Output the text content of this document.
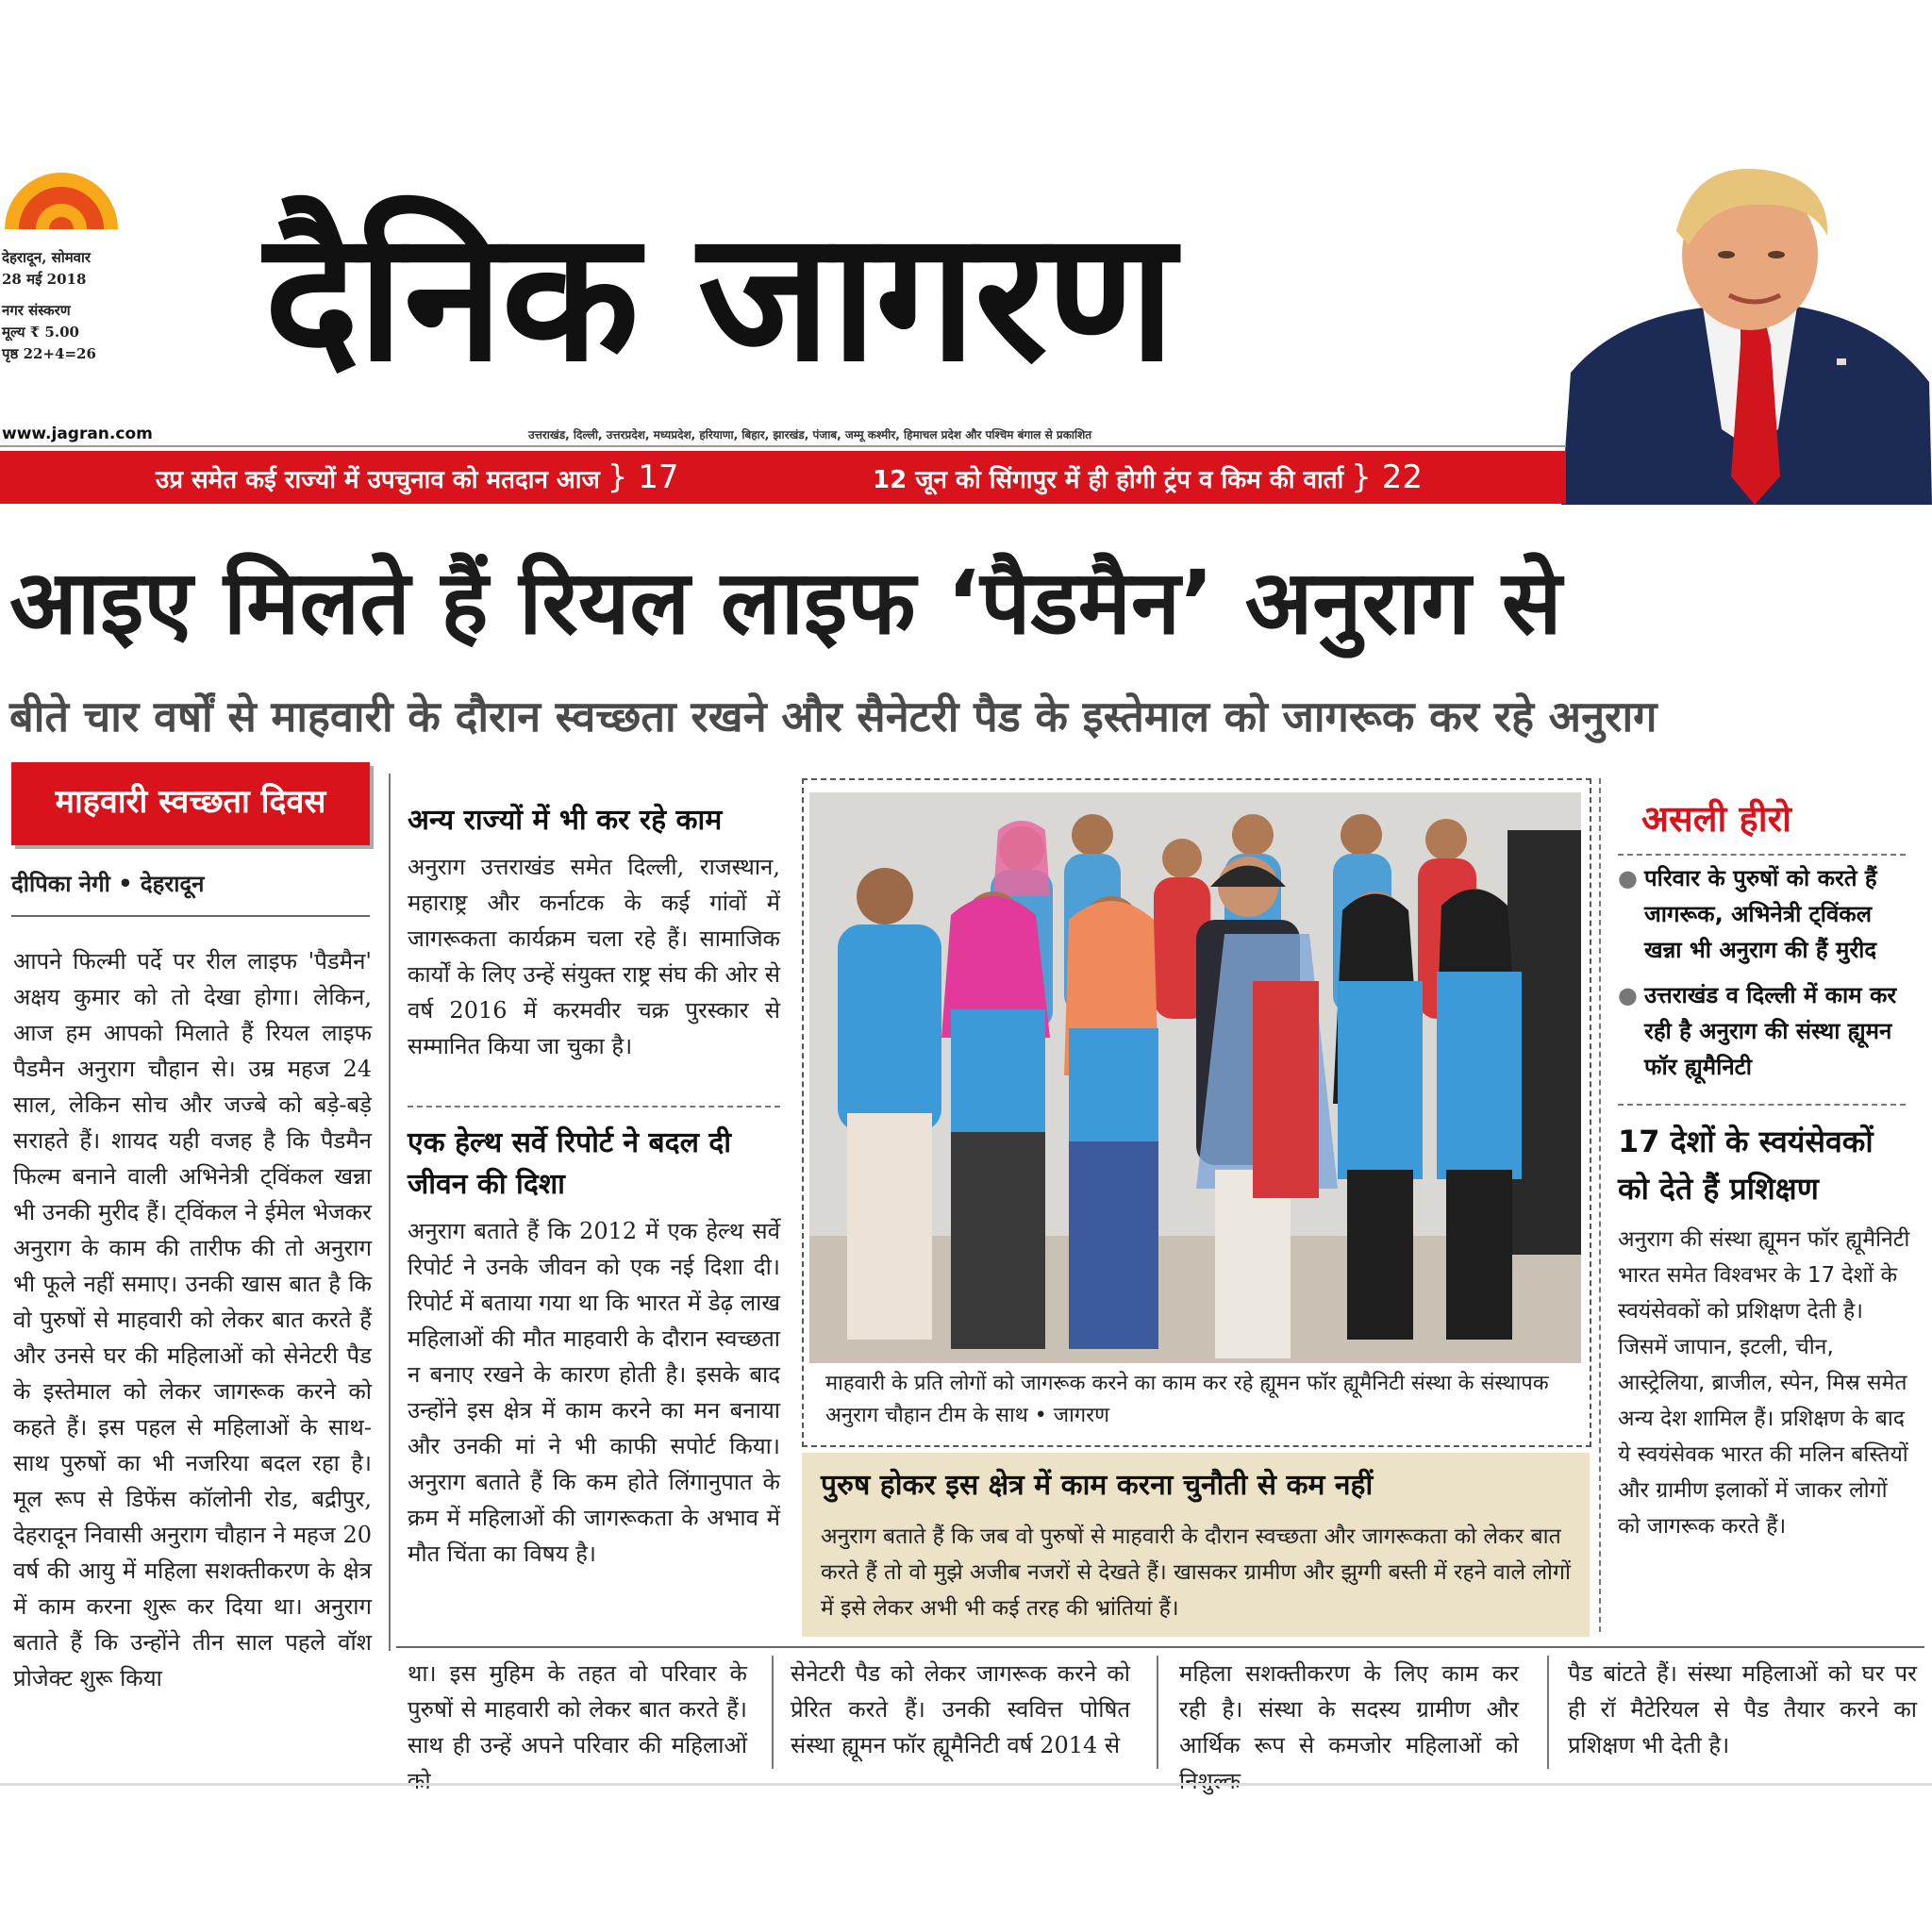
देहरादून, सोमवार
28 मई 2018
नगर संस्करण
मूल्य ₹ 5.00
पृष्ठ 22+4=26 दैनिक जागरण
www.jagran.com	उत्तराखंड, दिल्ली, उत्तरप्रदेश, मध्यप्रदेश, हरियाणा, बिहार, झारखंड, पंजाब, जम्मू कश्मीर, हिमाचल प्रदेश और पश्चिम बंगाल से प्रकाशित
उप्र समेत कई राज्यों में उपचुनाव को मतदान आज } 17	12 जून को सिंगापुर में ही होगी ट्रंप व किम की वार्ता } 22
आइए मिलते हैं रियल लाइफ ‘पैडमैन’ अनुराग से
बीते चार वर्षों से माहवारी के दौरान स्वच्छता रखने और सैनेटरी पैड के इस्तेमाल को जागरूक कर रहे अनुराग
माहवारी स्वच्छता दिवस
दीपिका नेगी • देहरादून
आपने फिल्मी पर्दे पर रील लाइफ 'पैडमैन' अक्षय कुमार को तो देखा होगा। लेकिन, आज हम आपको मिलाते हैं रियल लाइफ पैडमैन अनुराग चौहान से। उम्र महज 24 साल, लेकिन सोच और जज्बे को बड़े-बड़े सराहते हैं। शायद यही वजह है कि पैडमैन फिल्म बनाने वाली अभिनेत्री ट्विंकल खन्ना भी उनकी मुरीद हैं। ट्विंकल ने ईमेल भेजकर अनुराग के काम की तारीफ की तो अनुराग भी फूले नहीं समाए। उनकी खास बात है कि वो पुरुषों से माहवारी को लेकर बात करते हैं और उनसे घर की महिलाओं को सेनेटरी पैड के इस्तेमाल को लेकर जागरूक करने को कहते हैं। इस पहल से महिलाओं के साथ-साथ पुरुषों का भी नजरिया बदल रहा है। मूल रूप से डिफेंस कॉलोनी रोड, बद्रीपुर, देहरादून निवासी अनुराग चौहान ने महज 20 वर्ष की आयु में महिला सशक्तीकरण के क्षेत्र में काम करना शुरू कर दिया था। अनुराग बताते हैं कि उन्होंने तीन साल पहले वॉश प्रोजेक्ट शुरू किया
अन्य राज्यों में भी कर रहे काम
अनुराग उत्तराखंड समेत दिल्ली, राजस्थान, महाराष्ट्र और कर्नाटक के कई गांवों में जागरूकता कार्यक्रम चला रहे हैं। सामाजिक कार्यों के लिए उन्हें संयुक्त राष्ट्र संघ की ओर से वर्ष 2016 में करमवीर चक्र पुरस्कार से सम्मानित किया जा चुका है।
एक हेल्थ सर्वे रिपोर्ट ने बदल दी जीवन की दिशा
अनुराग बताते हैं कि 2012 में एक हेल्थ सर्वे रिपोर्ट ने उनके जीवन को एक नई दिशा दी। रिपोर्ट में बताया गया था कि भारत में डेढ़ लाख महिलाओं की मौत माहवारी के दौरान स्वच्छता न बनाए रखने के कारण होती है। इसके बाद उन्होंने इस क्षेत्र में काम करने का मन बनाया और उनकी मां ने भी काफी सपोर्ट किया। अनुराग बताते हैं कि कम होते लिंगानुपात के क्रम में महिलाओं की जागरूकता के अभाव में मौत चिंता का विषय है।
माहवारी के प्रति लोगों को जागरूक करने का काम कर रहे ह्यूमन फॉर ह्यूमैनिटी संस्था के संस्थापक अनुराग चौहान टीम के साथ • जागरण
पुरुष होकर इस क्षेत्र में काम करना चुनौती से कम नहीं
अनुराग बताते हैं कि जब वो पुरुषों से माहवारी के दौरान स्वच्छता और जागरूकता को लेकर बात करते हैं तो वो मुझे अजीब नजरों से देखते हैं। खासकर ग्रामीण और झुग्गी बस्ती में रहने वाले लोगों में इसे लेकर अभी भी कई तरह की भ्रांतियां हैं।
असली हीरो
● परिवार के पुरुषों को करते हैं जागरूक, अभिनेत्री ट्विंकल खन्ना भी अनुराग की हैं मुरीद
● उत्तराखंड व दिल्ली में काम कर रही है अनुराग की संस्था ह्यूमन फॉर ह्यूमैनिटी
17 देशों के स्वयंसेवकों को देते हैं प्रशिक्षण
अनुराग की संस्था ह्यूमन फॉर ह्यूमैनिटी भारत समेत विश्वभर के 17 देशों के स्वयंसेवकों को प्रशिक्षण देती है। जिसमें जापान, इटली, चीन, आस्ट्रेलिया, ब्राजील, स्पेन, मिस्र समेत अन्य देश शामिल हैं। प्रशिक्षण के बाद ये स्वयंसेवक भारत की मलिन बस्तियों और ग्रामीण इलाकों में जाकर लोगों को जागरूक करते हैं।
था। इस मुहिम के तहत वो परिवार के पुरुषों से माहवारी को लेकर बात करते हैं। साथ ही उन्हें अपने परिवार की महिलाओं को
सेनेटरी पैड को लेकर जागरूक करने को प्रेरित करते हैं। उनकी स्ववित्त पोषित संस्था ह्यूमन फॉर ह्यूमैनिटी वर्ष 2014 से
महिला सशक्तीकरण के लिए काम कर रही है। संस्था के सदस्य ग्रामीण और आर्थिक रूप से कमजोर महिलाओं को निशुल्क
पैड बांटते हैं। संस्था महिलाओं को घर पर ही रॉ मैटेरियल से पैड तैयार करने का प्रशिक्षण भी देती है।
